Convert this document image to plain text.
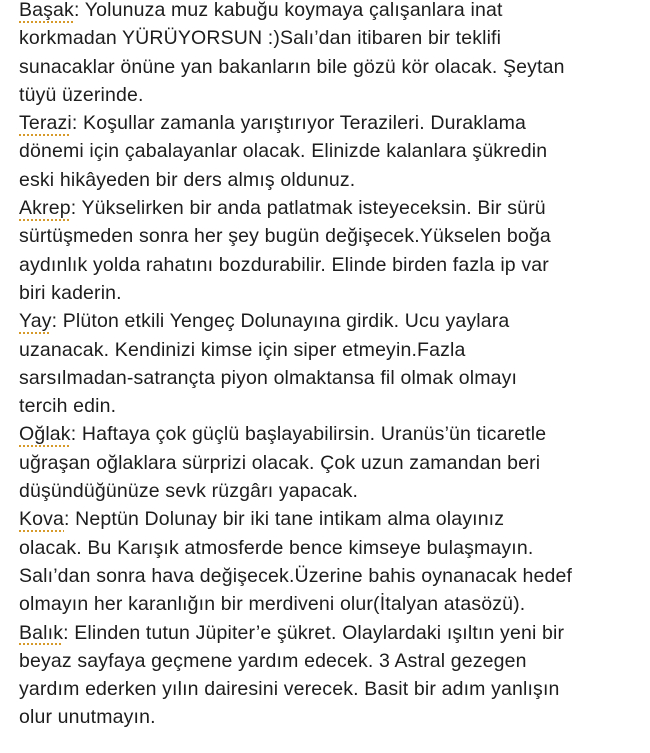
Başak: Yolunuza muz kabuğu koymaya çalışanlara inat
korkmadan YÜRÜYORSUN :)Salı’dan itibaren bir teklifi
sunacaklar önüne yan bakanların bile gözü kör olacak. Şeytan
tüyü üzerinde.
Terazi: Koşullar zamanla yarıştırıyor Terazileri. Duraklama
dönemi için çabalayanlar olacak. Elinizde kalanlara şükredin
eski hikâyeden bir ders almış oldunuz.
Akrep: Yükselirken bir anda patlatmak isteyeceksin. Bir sürü
sürtüşmeden sonra her şey bugün değişecek.Yükselen boğa
aydınlık yolda rahatını bozdurabilir. Elinde birden fazla ip var
biri kaderin.
Yay: Plüton etkili Yengeç Dolunayına girdik. Ucu yaylara
uzanacak. Kendinizi kimse için siper etmeyin.Fazla
sarsılmadan-satrançta piyon olmaktansa fil olmak olmayı
tercih edin.
Oğlak: Haftaya çok güçlü başlayabilirsin. Uranüs’ün ticaretle
uğraşan oğlaklara sürprizi olacak. Çok uzun zamandan beri
düşündüğünüze sevk rüzgârı yapacak.
Kova: Neptün Dolunay bir iki tane intikam alma olayınız
olacak. Bu Karışık atmosferde bence kimseye bulaşmayın.
Salı’dan sonra hava değişecek.Üzerine bahis oynanacak hedef
olmayın her karanlığın bir merdiveni olur(İtalyan atasözü).
Balık: Elinden tutun Jüpiter’e şükret. Olaylardaki ışıltın yeni bir
beyaz sayfaya geçmene yardım edecek. 3 Astral gezegen
yardım ederken yılın dairesini verecek. Basit bir adım yanlışın
olur unutmayın.
